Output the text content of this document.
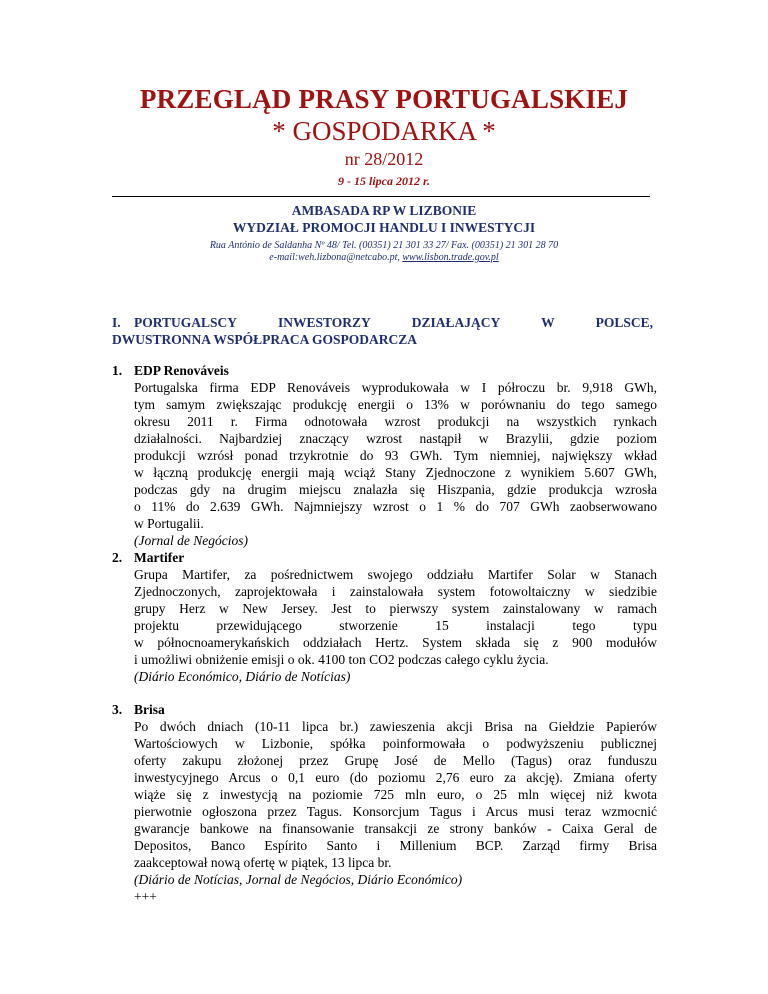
PRZEGLĄD PRASY PORTUGALSKIEJ
* GOSPODARKA *
nr 28/2012
9 - 15 lipca 2012 r.
AMBASADA RP W LIZBONIE
WYDZIAŁ PROMOCJI HANDLU I INWESTYCJI
Rua António de Saldanha Nº 48/ Tel. (00351) 21 301 33 27/ Fax. (00351) 21 301 28 70
e-mail:weh.lizbona@netcabo.pt, www.lisbon.trade.gov.pl
I. PORTUGALSCY	INWESTORZY	DZIAŁAJĄCY	W	POLSCE,
DWUSTRONNA WSPÓŁPRACA GOSPODARCZA
1. EDP Renováveis
Portugalska firma EDP Renováveis wyprodukowała w I półroczu br. 9,918 GWh,
tym samym zwiększając produkcję energii o 13% w porównaniu do tego samego
okresu 2011 r. Firma odnotowała wzrost produkcji na wszystkich rynkach
działalności. Najbardziej znaczący wzrost nastąpił w Brazylii, gdzie poziom
produkcji wzrósł ponad trzykrotnie do 93 GWh. Tym niemniej, największy wkład
w łączną produkcję energii mają wciąż Stany Zjednoczone z wynikiem 5.607 GWh,
podczas gdy na drugim miejscu znalazła się Hiszpania, gdzie produkcja wzrosła
o 11% do 2.639 GWh. Najmniejszy wzrost o 1 % do 707 GWh zaobserwowano
w Portugalii.
(Jornal de Negócios)
2. Martifer
Grupa Martifer, za pośrednictwem swojego oddziału Martifer Solar w Stanach
Zjednoczonych, zaprojektowała i zainstalowała system fotowoltaiczny w siedzibie
grupy Herz w New Jersey. Jest to pierwszy system zainstalowany w ramach
projektu przewidującego stworzenie 15 instalacji tego typu
w północnoamerykańskich oddziałach Hertz. System składa się z 900 modułów
i umożliwi obniżenie emisji o ok. 4100 ton CO2 podczas całego cyklu życia.
(Diário Económico, Diário de Notícias)
3. Brisa
Po dwóch dniach (10-11 lipca br.) zawieszenia akcji Brisa na Giełdzie Papierów
Wartościowych w Lizbonie, spółka poinformowała o podwyższeniu publicznej
oferty zakupu złożonej przez Grupę José de Mello (Tagus) oraz funduszu
inwestycyjnego Arcus o 0,1 euro (do poziomu 2,76 euro za akcję). Zmiana oferty
wiąże się z inwestycją na poziomie 725 mln euro, o 25 mln więcej niż kwota
pierwotnie ogłoszona przez Tagus. Konsorcjum Tagus i Arcus musi teraz wzmocnić
gwarancje bankowe na finansowanie transakcji ze strony banków - Caixa Geral de
Depositos, Banco Espírito Santo i Millenium BCP. Zarząd firmy Brisa
zaakceptował nową ofertę w piątek, 13 lipca br.
(Diário de Notícias, Jornal de Negócios, Diário Económico)
+++
